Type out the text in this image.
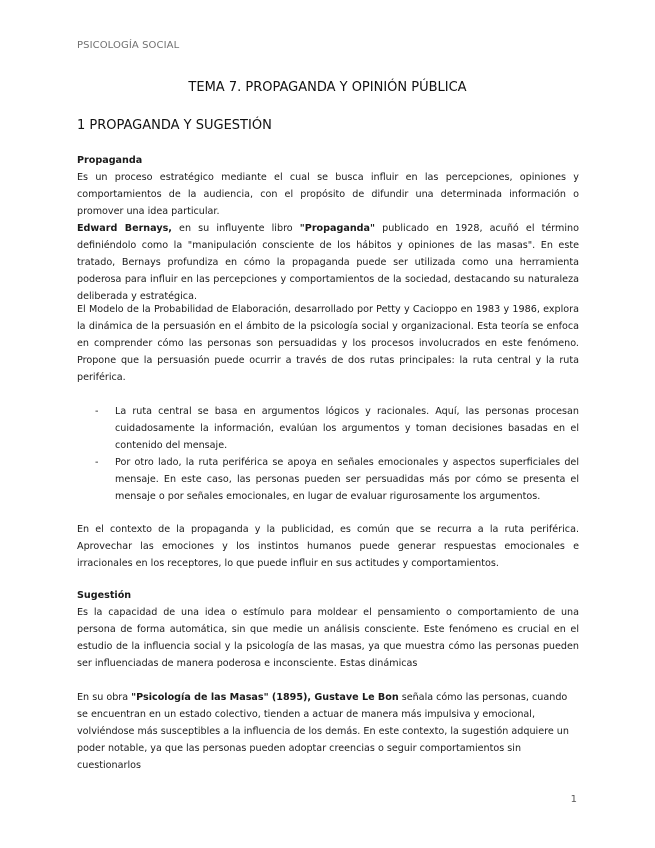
PSICOLOGÍA SOCIAL
TEMA 7. PROPAGANDA Y OPINIÓN PÚBLICA
1 PROPAGANDA Y SUGESTIÓN

Propaganda

Es un proceso estratégico mediante el cual se busca influir en las percepciones, opiniones y comportamientos de la audiencia, con el propósito de difundir una determinada información o promover una idea particular.

Edward Bernays, en su influyente libro "Propaganda" publicado en 1928, acuñó el término definiéndolo como la "manipulación consciente de los hábitos y opiniones de las masas". En este tratado, Bernays profundiza en cómo la propaganda puede ser utilizada como una herramienta poderosa para influir en las percepciones y comportamientos de la sociedad, destacando su naturaleza deliberada y estratégica.

El Modelo de la Probabilidad de Elaboración, desarrollado por Petty y Cacioppo en 1983 y 1986, explora la dinámica de la persuasión en el ámbito de la psicología social y organizacional. Esta teoría se enfoca en comprender cómo las personas son persuadidas y los procesos involucrados en este fenómeno. Propone que la persuasión puede ocurrir a través de dos rutas principales: la ruta central y la ruta periférica.
- La ruta central se basa en argumentos lógicos y racionales. Aquí, las personas procesan cuidadosamente la información, evalúan los argumentos y toman decisiones basadas en el contenido del mensaje.
- Por otro lado, la ruta periférica se apoya en señales emocionales y aspectos superficiales del mensaje. En este caso, las personas pueden ser persuadidas más por cómo se presenta el mensaje o por señales emocionales, en lugar de evaluar rigurosamente los argumentos.
En el contexto de la propaganda y la publicidad, es común que se recurra a la ruta periférica. Aprovechar las emociones y los instintos humanos puede generar respuestas emocionales e irracionales en los receptores, lo que puede influir en sus actitudes y comportamientos.

Sugestión

Es la capacidad de una idea o estímulo para moldear el pensamiento o comportamiento de una persona de forma automática, sin que medie un análisis consciente. Este fenómeno es crucial en el estudio de la influencia social y la psicología de las masas, ya que muestra cómo las personas pueden ser influenciadas de manera poderosa e inconsciente. Estas dinámicas

En su obra "Psicología de las Masas" (1895), Gustave Le Bon señala cómo las personas, cuando se encuentran en un estado colectivo, tienden a actuar de manera más impulsiva y emocional, volviéndose más susceptibles a la influencia de los demás. En este contexto, la sugestión adquiere un poder notable, ya que las personas pueden adoptar creencias o seguir comportamientos sin cuestionarlos

1
